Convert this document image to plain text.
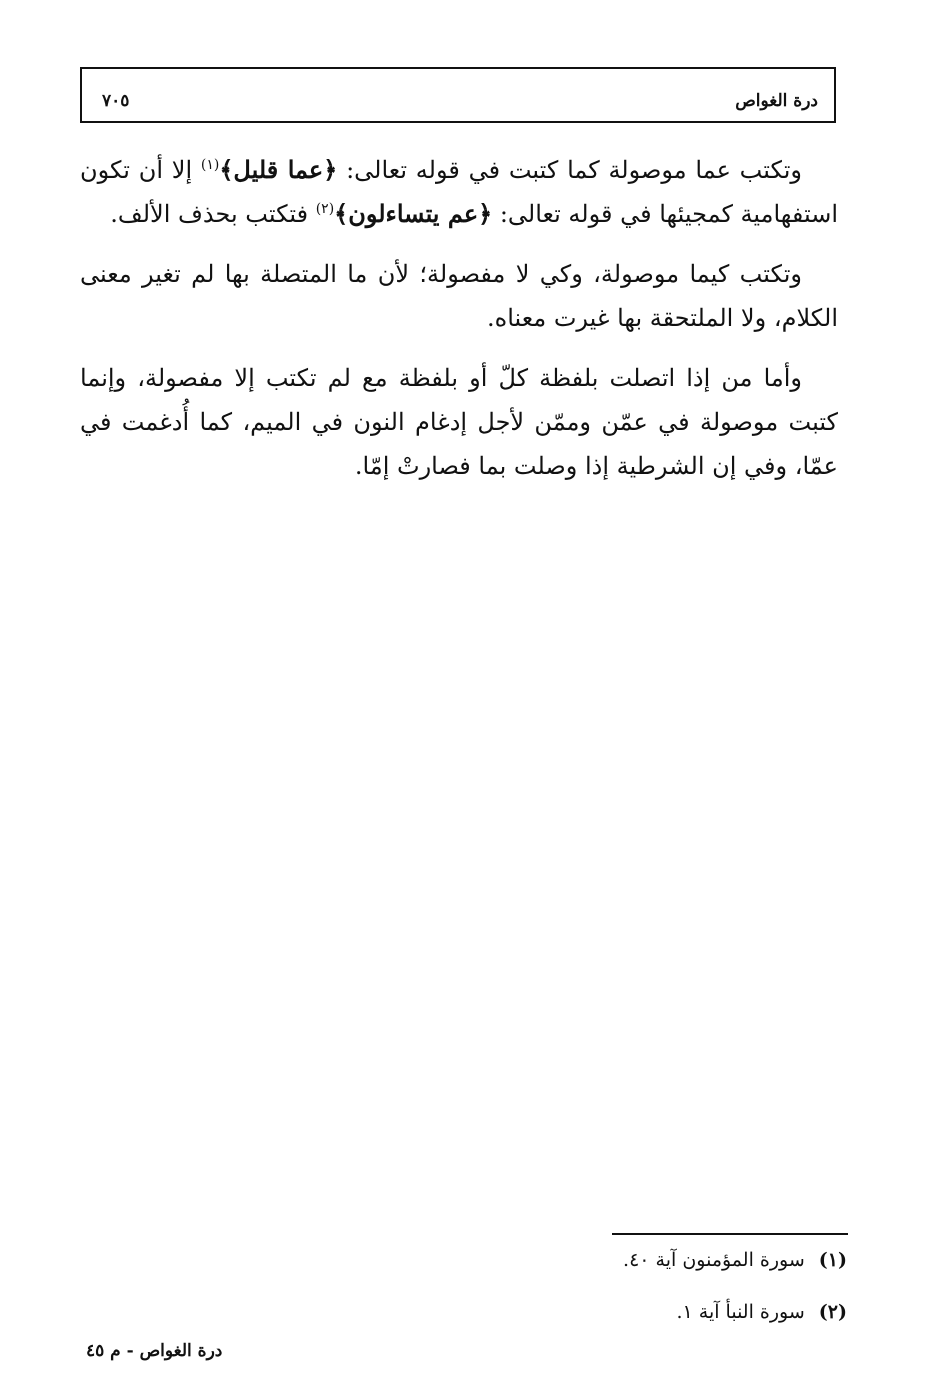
درة الغواص
٧٠٥

وتكتب عما موصولة كما كتبت في قوله تعالى: ﴿عما قليل﴾$^{(١)}$ إلا أن تكون استفهامية كمجيئها في قوله تعالى: ﴿عم يتساءلون﴾$^{(٢)}$ فتكتب بحذف الألف.

وتكتب كيما موصولة، وكي لا مفصولة؛ لأن ما المتصلة بها لم تغير معنى الكلام، ولا الملتحقة بها غيرت معناه.

وأما من إذا اتصلت بلفظة كلّ أو بلفظة مع لم تكتب إلا مفصولة، وإنما كتبت موصولة في عمّن وممّن لأجل إدغام النون في الميم، كما أُدغمت في عمّا، وفي إن الشرطية إذا وصلت بما فصارتْ إمّا.

(١)سورة المؤمنون آية ٤٠.
(٢)سورة النبأ آية ١.
درة الغواص - م ٤٥
